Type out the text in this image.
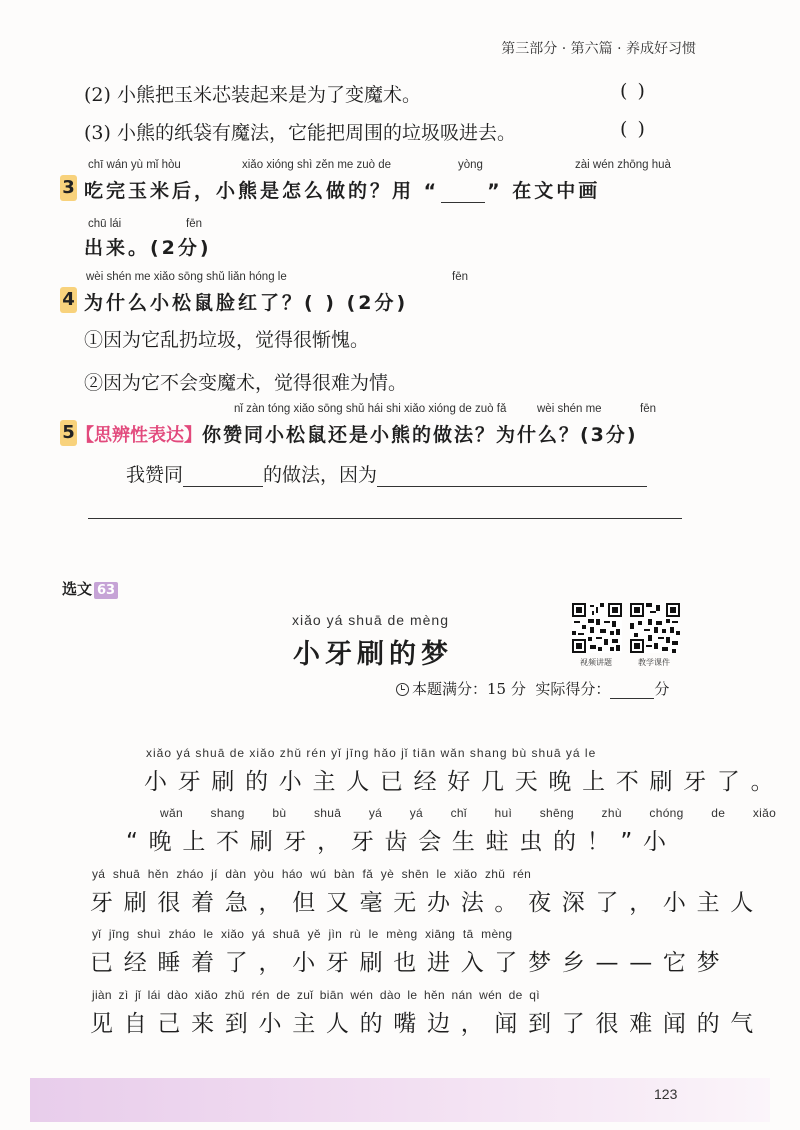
第三部分 · 第六篇 · 养成好习惯
(2) 小熊把玉米芯装起来是为了变魔术。	( )
(3) 小熊的纸袋有魔法，它能把周围的垃圾吸进去。	( )
chī wán yù mǐ hòu	xiǎo xióng shì zěn me zuò de	yòng	zài wén zhōng huà
3 吃完玉米后，小熊是怎么做的？用 “	” 在文中画
chū lái	fēn
出来。(2分)
wèi shén me xiǎo sōng shǔ liǎn hóng le	fēn
4 为什么小松鼠脸红了？( ) (2分)
①因为它乱扔垃圾，觉得很惭愧。
②因为它不会变魔术，觉得很难为情。
nǐ zàn tóng xiǎo sōng shǔ hái shi xiǎo xióng de zuò fǎ	wèi shén me	fēn
5 【思辨性表达】你赞同小松鼠还是小熊的做法？为什么？(3分)
我赞同	的做法，因为
选文 63
xiǎo yá shuā de mèng
小牙刷的梦	视频讲题	教学课件
本题满分：15 分 实际得分：	分
xiǎo yá shuā de xiǎo zhǔ rén yǐ jīng hǎo jǐ tiān wǎn shang bù shuā yá le
小牙刷的小主人已经好几天晚上不刷牙了。
wǎn shang bù shuā yá yá chǐ huì shēng zhù chóng de xiǎo
“晚上不刷牙，牙齿会生蛀虫的！”小
yá shuā hěn zháo jí dàn yòu háo wú bàn fǎ yè shēn le xiǎo zhǔ rén
牙刷很着急，但又毫无办法。夜深了，小主人
yǐ jīng shuì zháo le xiǎo yá shuā yě jìn rù le mèng xiāng tā mèng
已经睡着了，小牙刷也进入了梦乡——它梦
jiàn zì jǐ lái dào xiǎo zhǔ rén de zuǐ biān wén dào le hěn nán wén de qì
见自己来到小主人的嘴边，闻到了很难闻的气
123
